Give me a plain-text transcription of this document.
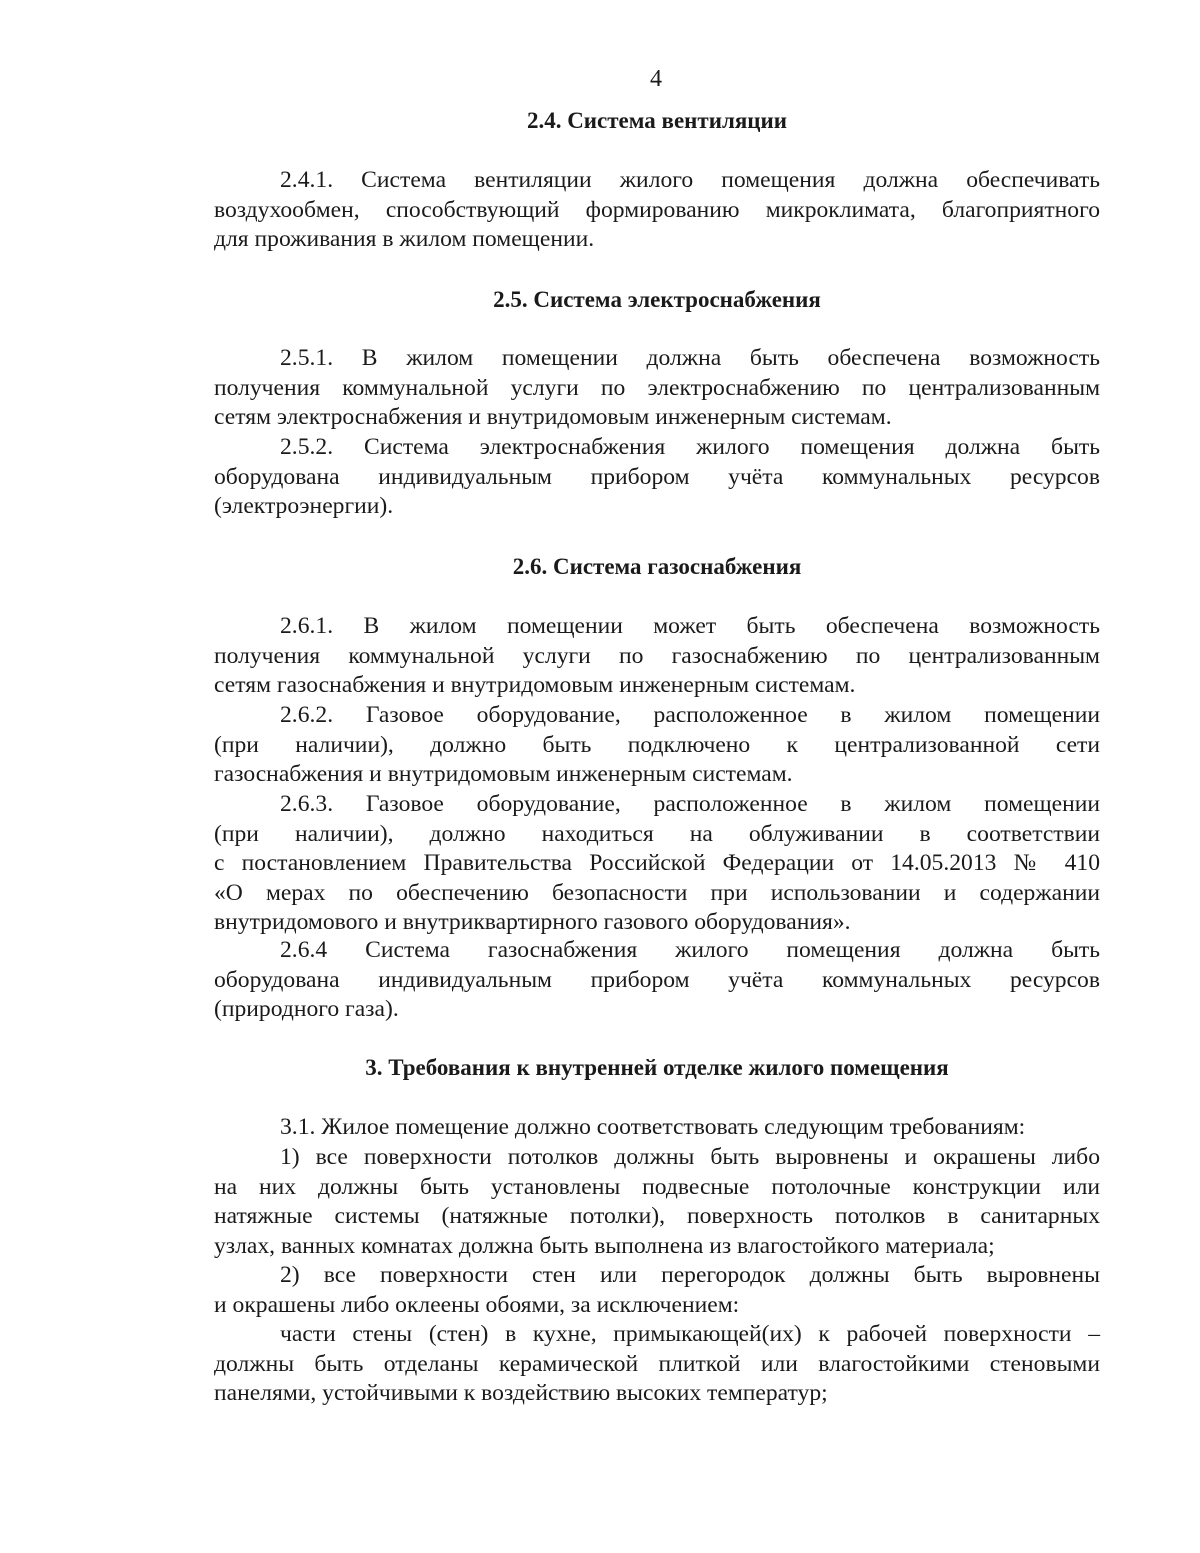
4
2.4. Система вентиляции
2.4.1. Система вентиляции жилого помещения должна обеспечивать
воздухообмен, способствующий формированию микроклимата, благоприятного
для проживания в жилом помещении.
2.5. Система электроснабжения
2.5.1. В жилом помещении должна быть обеспечена возможность
получения коммунальной услуги по электроснабжению по централизованным
сетям электроснабжения и внутридомовым инженерным системам.
2.5.2. Система электроснабжения жилого помещения должна быть
оборудована индивидуальным прибором учёта коммунальных ресурсов
(электроэнергии).
2.6. Система газоснабжения
2.6.1. В жилом помещении может быть обеспечена возможность
получения коммунальной услуги по газоснабжению по централизованным
сетям газоснабжения и внутридомовым инженерным системам.
2.6.2. Газовое оборудование, расположенное в жилом помещении
(при наличии), должно быть подключено к централизованной сети
газоснабжения и внутридомовым инженерным системам.
2.6.3. Газовое оборудование, расположенное в жилом помещении
(при наличии), должно находиться на облуживании в соответствии
с постановлением Правительства Российской Федерации от 14.05.2013 № 410
«О мерах по обеспечению безопасности при использовании и содержании
внутридомового и внутриквартирного газового оборудования».
2.6.4 Система газоснабжения жилого помещения должна быть
оборудована индивидуальным прибором учёта коммунальных ресурсов
(природного газа).
3. Требования к внутренней отделке жилого помещения
3.1. Жилое помещение должно соответствовать следующим требованиям:
1) все поверхности потолков должны быть выровнены и окрашены либо
на них должны быть установлены подвесные потолочные конструкции или
натяжные системы (натяжные потолки), поверхность потолков в санитарных
узлах, ванных комнатах должна быть выполнена из влагостойкого материала;
2) все поверхности стен или перегородок должны быть выровнены
и окрашены либо оклеены обоями, за исключением:
части стены (стен) в кухне, примыкающей(их) к рабочей поверхности –
должны быть отделаны керамической плиткой или влагостойкими стеновыми
панелями, устойчивыми к воздействию высоких температур;
